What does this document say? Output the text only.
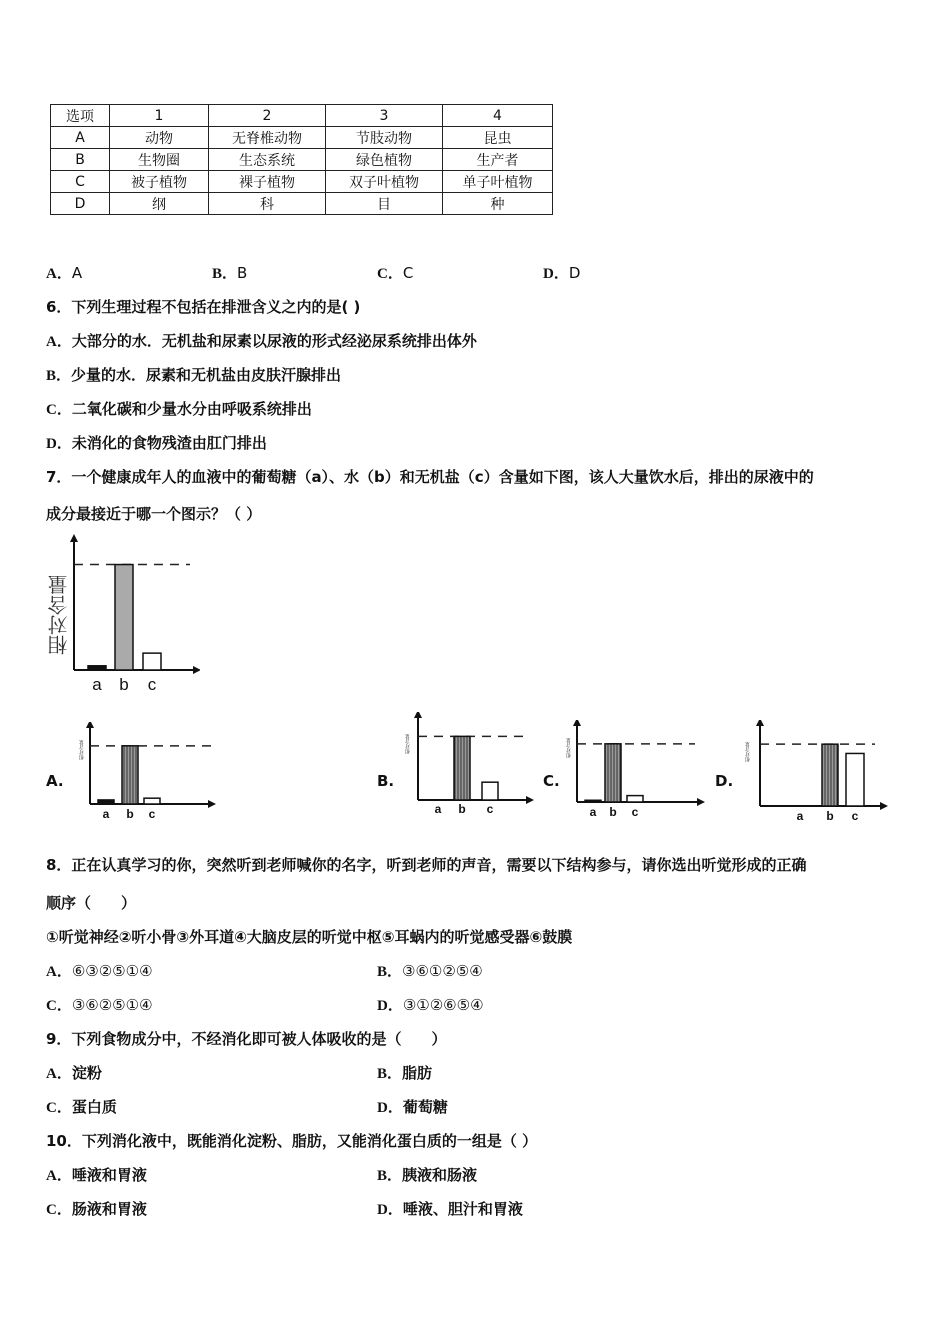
选项	1	2	3	4
A	动物	无脊椎动物	节肢动物	昆虫
B	生物圈	生态系统	绿色植物	生产者
C	被子植物	裸子植物	双子叶植物	单子叶植物
D	纲	科	目	种
A．A	B．B	C．C	D．D
6．下列生理过程不包括在排泄含义之内的是( )
A．大部分的水．无机盐和尿素以尿液的形式经泌尿系统排出体外
B．少量的水．尿素和无机盐由皮肤汗腺排出
C．二氧化碳和少量水分由呼吸系统排出
D．未消化的食物残渣由肛门排出
7．一个健康成年人的血液中的葡萄糖（a）、水（b）和无机盐（c）含量如下图，该人大量饮水后，排出的尿液中的
成分最接近于哪一个图示？（ ）
a b c
相对含量
A.	B.	C.	D.
a b c
相对含量
a b c
相对含量
a b c
相对含量
a b c
相对含量
8．正在认真学习的你，突然听到老师喊你的名字，听到老师的声音，需要以下结构参与，请你选出听觉形成的正确
顺序（　　）
①听觉神经②听小骨③外耳道④大脑皮层的听觉中枢⑤耳蜗内的听觉感受器⑥鼓膜
A．⑥③②⑤①④	B．③⑥①②⑤④
C．③⑥②⑤①④	D．③①②⑥⑤④
9．下列食物成分中，不经消化即可被人体吸收的是（　　）
A．淀粉	B．脂肪
C．蛋白质	D．葡萄糖
10．下列消化液中，既能消化淀粉、脂肪，又能消化蛋白质的一组是（ ）
A．唾液和胃液	B．胰液和肠液
C．肠液和胃液	D．唾液、胆汁和胃液
